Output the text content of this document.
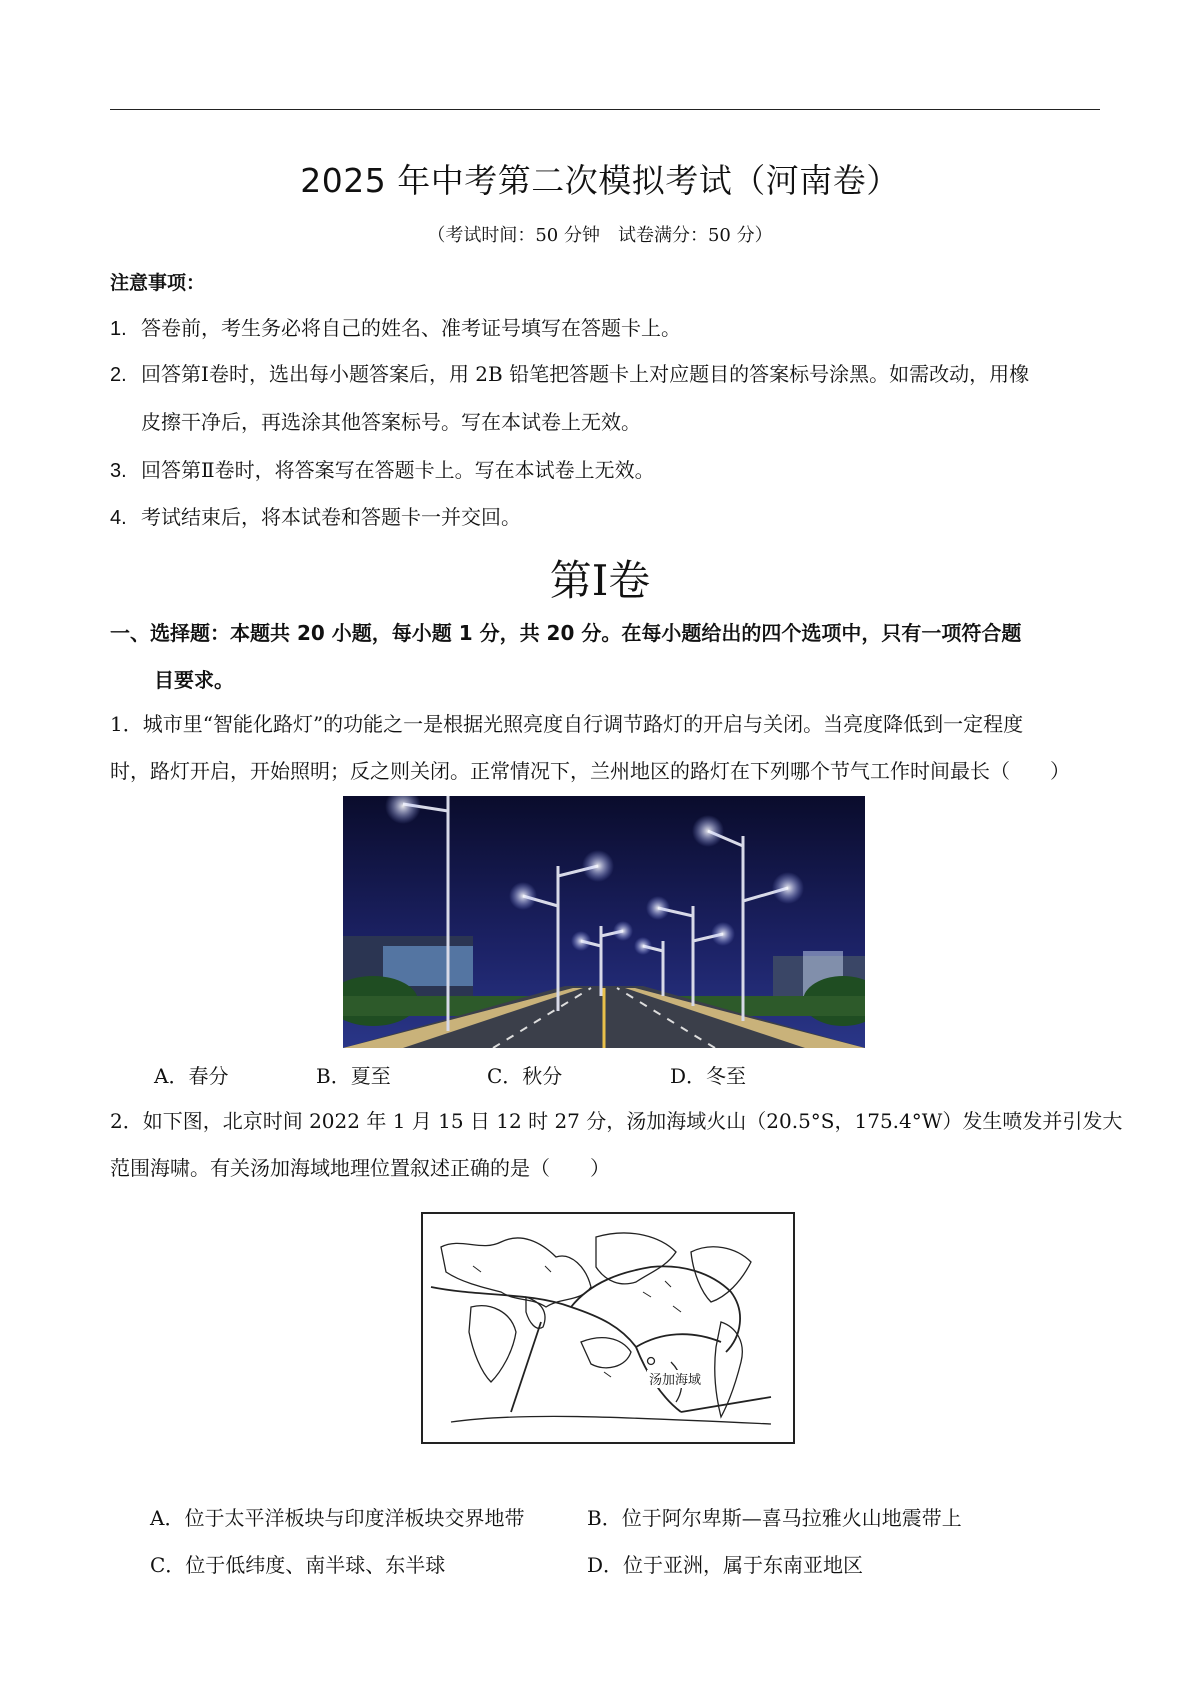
2025 年中考第二次模拟考试（河南卷）
（考试时间：50 分钟　试卷满分：50 分）
注意事项：
1. 答卷前，考生务必将自己的姓名、准考证号填写在答题卡上。
2. 回答第Ⅰ卷时，选出每小题答案后，用 2B 铅笔把答题卡上对应题目的答案标号涂黑。如需改动，用橡
皮擦干净后，再选涂其他答案标号。写在本试卷上无效。
3. 回答第Ⅱ卷时，将答案写在答题卡上。写在本试卷上无效。
4. 考试结束后，将本试卷和答题卡一并交回。
第I卷
一、选择题：本题共 20 小题，每小题 1 分，共 20 分。在每小题给出的四个选项中，只有一项符合题
目要求。
1．城市里“智能化路灯”的功能之一是根据光照亮度自行调节路灯的开启与关闭。当亮度降低到一定程度
时，路灯开启，开始照明；反之则关闭。正常情况下，兰州地区的路灯在下列哪个节气工作时间最长（　　）
A．春分	B．夏至	C．秋分	D．冬至
2．如下图，北京时间 2022 年 1 月 15 日 12 时 27 分，汤加海域火山（20.5°S，175.4°W）发生喷发并引发大
范围海啸。有关汤加海域地理位置叙述正确的是（　　）
汤加海域
A．位于太平洋板块与印度洋板块交界地带	B．位于阿尔卑斯—喜马拉雅火山地震带上
C．位于低纬度、南半球、东半球	D．位于亚洲，属于东南亚地区
